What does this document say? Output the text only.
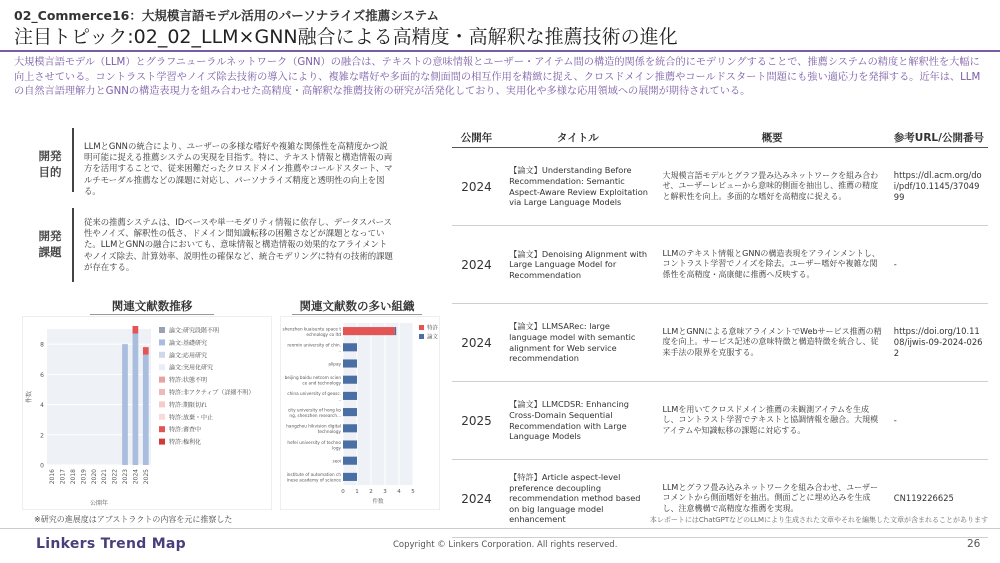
02_Commerce16：大規模言語モデル活用のパーソナライズ推薦システム
注目トピック:02_02_LLM×GNN融合による高精度・高解釈な推薦技術の進化
大規模言語モデル（LLM）とグラフニューラルネットワーク（GNN）の融合は、テキストの意味情報とユーザー・アイテム間の構造的関係を統合的にモデリングすることで、推薦システムの精度と解釈性を大幅に向上させている。コントラスト学習やノイズ除去技術の導入により、複雑な嗜好や多面的な側面間の相互作用を精緻に捉え、クロスドメイン推薦やコールドスタート問題にも強い適応力を発揮する。近年は、LLMの自然言語理解力とGNNの構造表現力を組み合わせた高精度・高解釈な推薦技術の研究が活発化しており、実用化や多様な応用領域への展開が期待されている。
開発目的
LLMとGNNの統合により、ユーザーの多様な嗜好や複雑な関係性を高精度かつ説明可能に捉える推薦システムの実現を目指す。特に、テキスト情報と構造情報の両方を活用することで、従来困難だったクロスドメイン推薦やコールドスタート、マルチモーダル推薦などの課題に対応し、パーソナライズ精度と透明性の向上を図る。
開発課題
従来の推薦システムは、IDベースや単一モダリティ情報に依存し、データスパース性やノイズ、解釈性の低さ、ドメイン間知識転移の困難さなどが課題となっていた。LLMとGNNの融合においても、意味情報と構造情報の効果的なアライメントやノイズ除去、計算効率、説明性の確保など、統合モデリングに特有の技術的課題が存在する。
関連文献数推移	関連文献数の多い組織
0
2
4
6
8
2016 2017 2018 2019 2020 2021 2022 2023 2024 2025
公開年
件数
論文:研究段階不明
論文:基礎研究
論文:応用研究
論文:実用化研究
特許:状態不明
特許:非アクティブ（詳細不明）
特許:期限切れ
特許:放棄・中止
特許:審査中
特許:権利化
0 1 2 3 4 5
shenzhen kuaisuntu space t
echnology co ltd
renmin university of chin.
..
alipay
beijing baidu netcom scien
ce and technology
china university of geosc.
..
city university of hong ko
ng, shenzhen research...
hangzhou hikvision digital
technology
hefei university of techno
logy
seoi
institute of automation ch
inese academy of science
件数
特許
論文
※研究の進展度はアブストラクトの内容を元に推察した
公開年	タイトル	概要	参考URL/公開番号
2024	【論文】Understanding Before Recommendation: Semantic Aspect-Aware Review Exploitation via Large Language Models	大規模言語モデルとグラフ畳み込みネットワークを組み合わせ、ユーザーレビューから意味的側面を抽出し、推薦の精度と解釈性を向上。多面的な嗜好を高精度に捉える。	https://dl.acm.org/doi/pdf/10.1145/3704999
2024	【論文】Denoising Alignment with Large Language Model for Recommendation	LLMのテキスト情報とGNNの構造表現をアラインメントし、コントラスト学習でノイズを除去。ユーザー嗜好や複雑な関係性を高精度・高康健に推薦へ反映する。	-
2024	【論文】LLMSARec: large language model with semantic alignment for Web service recommendation	LLMとGNNによる意味アライメントでWebサービス推薦の精度を向上。サービス記述の意味特徴と構造特徴を統合し、従来手法の限界を克服する。	https://doi.org/10.1108/ijwis-09-2024-0262
2025	【論文】LLMCDSR: Enhancing Cross-Domain Sequential Recommendation with Large Language Models	LLMを用いてクロスドメイン推薦の未観測アイテムを生成し、コントラスト学習でテキストと協調情報を融合。大規模アイテムや知識転移の課題に対応する。	-
2024	【特許】Article aspect-level preference decoupling recommendation method based on big language model enhancement	LLMとグラフ畳み込みネットワークを組み合わせ、ユーザーコメントから側面嗜好を抽出。側面ごとに埋め込みを生成し、注意機構で高精度な推薦を実現。	CN119226625
本レポートにはChatGPTなどのLLMにより生成された文章やそれを編集した文章が含まれることがあります
Linkers Trend Map	Copyright © Linkers Corporation. All rights reserved.	26
